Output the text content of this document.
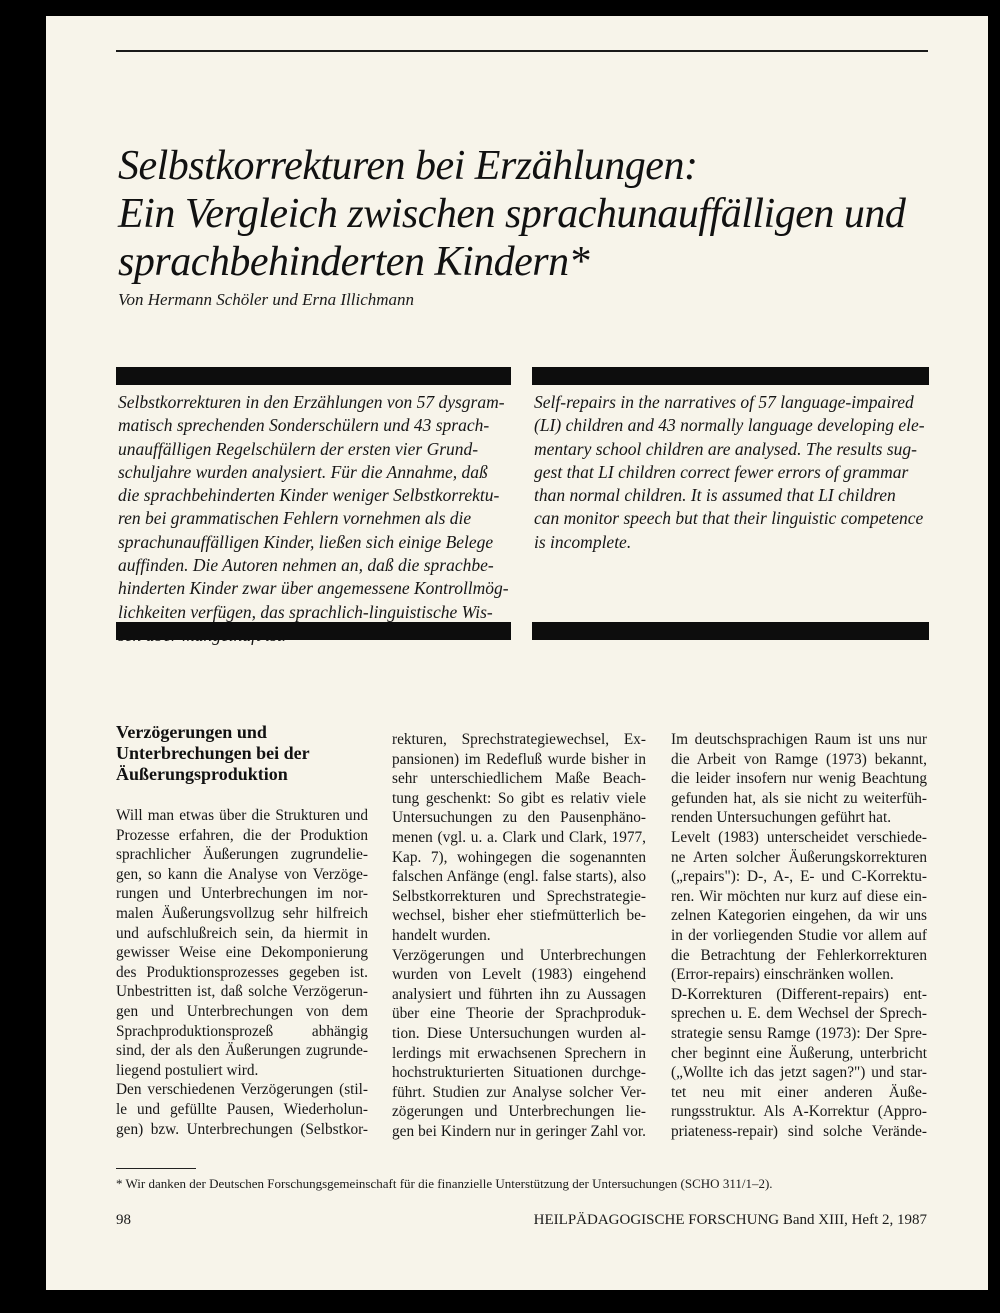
Selbstkorrekturen bei Erzählungen:
Ein Vergleich zwischen sprachunauffälligen und
sprachbehinderten Kindern*
Von Hermann Schöler und Erna Illichmann
Selbstkorrekturen in den Erzählungen von 57 dysgram-
matisch sprechenden Sonderschülern und 43 sprach-
unauffälligen Regelschülern der ersten vier Grund-
schuljahre wurden analysiert. Für die Annahme, daß
die sprachbehinderten Kinder weniger Selbstkorrektu-
ren bei grammatischen Fehlern vornehmen als die
sprachunauffälligen Kinder, ließen sich einige Belege
auffinden. Die Autoren nehmen an, daß die sprachbe-
hinderten Kinder zwar über angemessene Kontrollmög-
lichkeiten verfügen, das sprachlich-linguistische Wis-
Self-repairs in the narratives of 57 language-impaired
(LI) children and 43 normally language developing ele-
mentary school children are analysed. The results sug-
gest that LI children correct fewer errors of grammar
than normal children. It is assumed that LI children
can monitor speech but that their linguistic competence
is incomplete.
Verzögerungen und
Unterbrechungen bei der
Äußerungsproduktion
Will man etwas über die Strukturen und
Prozesse erfahren, die der Produktion
sprachlicher Äußerungen zugrundelie-
gen, so kann die Analyse von Verzöge-
rungen und Unterbrechungen im nor-
malen Äußerungsvollzug sehr hilfreich
und aufschlußreich sein, da hiermit in
gewisser Weise eine Dekomponierung
des Produktionsprozesses gegeben ist.
Unbestritten ist, daß solche Verzögerun-
gen und Unterbrechungen von dem
Sprachproduktionsprozeß abhängig
sind, der als den Äußerungen zugrunde-
liegend postuliert wird.
Den verschiedenen Verzögerungen (stil-
le und gefüllte Pausen, Wiederholun-
gen) bzw. Unterbrechungen (Selbstkor-
rekturen, Sprechstrategiewechsel, Ex-
pansionen) im Redefluß wurde bisher in
sehr unterschiedlichem Maße Beach-
tung geschenkt: So gibt es relativ viele
Untersuchungen zu den Pausenphäno-
menen (vgl. u. a. Clark und Clark, 1977,
Kap. 7), wohingegen die sogenannten
falschen Anfänge (engl. false starts), also
Selbstkorrekturen und Sprechstrategie-
wechsel, bisher eher stiefmütterlich be-
handelt wurden.
Verzögerungen und Unterbrechungen
wurden von Levelt (1983) eingehend
analysiert und führten ihn zu Aussagen
über eine Theorie der Sprachproduk-
tion. Diese Untersuchungen wurden al-
lerdings mit erwachsenen Sprechern in
hochstrukturierten Situationen durchge-
führt. Studien zur Analyse solcher Ver-
zögerungen und Unterbrechungen lie-
gen bei Kindern nur in geringer Zahl vor.
Im deutschsprachigen Raum ist uns nur
die Arbeit von Ramge (1973) bekannt,
die leider insofern nur wenig Beachtung
gefunden hat, als sie nicht zu weiterfüh-
renden Untersuchungen geführt hat.
Levelt (1983) unterscheidet verschiede-
ne Arten solcher Äußerungskorrekturen
(„repairs"): D-, A-, E- und C-Korrektu-
ren. Wir möchten nur kurz auf diese ein-
zelnen Kategorien eingehen, da wir uns
in der vorliegenden Studie vor allem auf
die Betrachtung der Fehlerkorrekturen
(Error-repairs) einschränken wollen.
D-Korrekturen (Different-repairs) ent-
sprechen u. E. dem Wechsel der Sprech-
strategie sensu Ramge (1973): Der Spre-
cher beginnt eine Äußerung, unterbricht
(„Wollte ich das jetzt sagen?") und star-
tet neu mit einer anderen Äuße-
rungsstruktur. Als A-Korrektur (Appro-
priateness-repair) sind solche Verände-
* Wir danken der Deutschen Forschungsgemeinschaft für die finanzielle Unterstützung der Untersuchungen (SCHO 311/1–2).
98	HEILPÄDAGOGISCHE FORSCHUNG Band XIII, Heft 2, 1987
